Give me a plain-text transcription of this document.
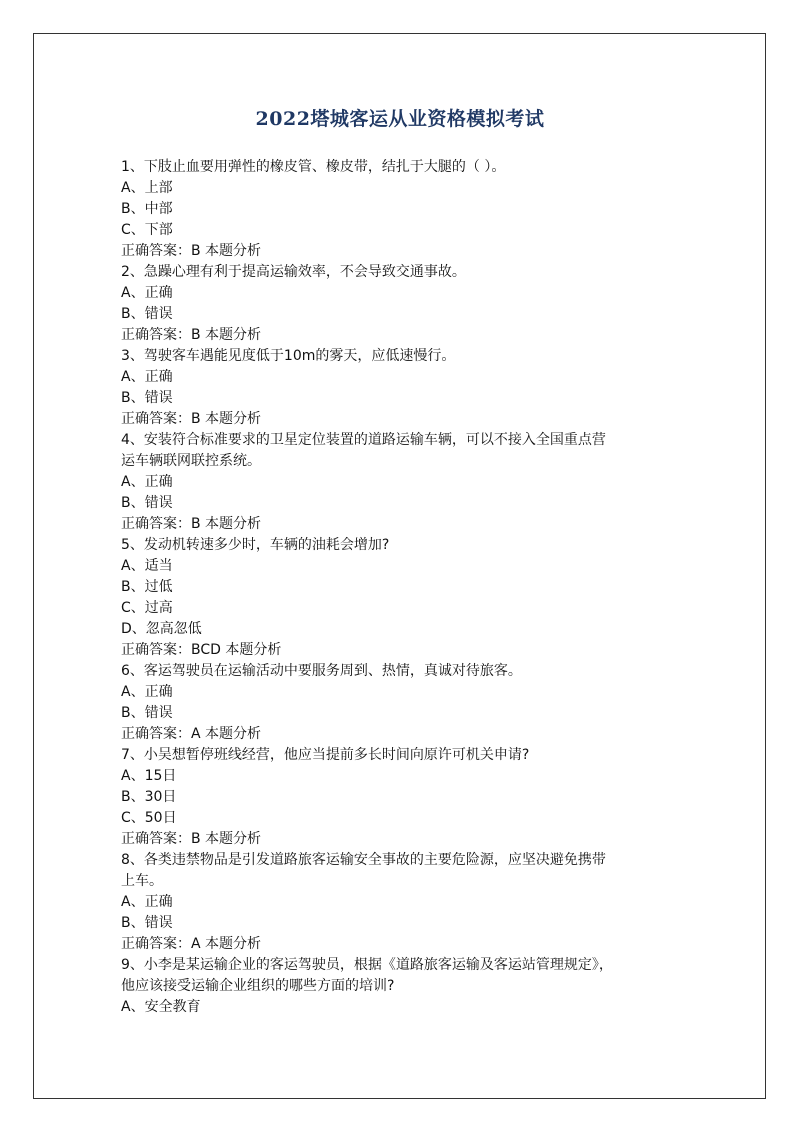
2022塔城客运从业资格模拟考试
1、下肢止血要用弹性的橡皮管、橡皮带，结扎于大腿的（ ）。
A、上部
B、中部
C、下部
正确答案：B 本题分析
2、急躁心理有利于提高运输效率，不会导致交通事故。
A、正确
B、错误
正确答案：B 本题分析
3、驾驶客车遇能见度低于10m的雾天，应低速慢行。
A、正确
B、错误
正确答案：B 本题分析
4、安装符合标准要求的卫星定位装置的道路运输车辆，可以不接入全国重点营
运车辆联网联控系统。
A、正确
B、错误
正确答案：B 本题分析
5、发动机转速多少时，车辆的油耗会增加?
A、适当
B、过低
C、过高
D、忽高忽低
正确答案：BCD 本题分析
6、客运驾驶员在运输活动中要服务周到、热情，真诚对待旅客。
A、正确
B、错误
正确答案：A 本题分析
7、小吴想暂停班线经营，他应当提前多长时间向原许可机关申请?
A、15日
B、30日
C、50日
正确答案：B 本题分析
8、各类违禁物品是引发道路旅客运输安全事故的主要危险源，应坚决避免携带
上车。
A、正确
B、错误
正确答案：A 本题分析
9、小李是某运输企业的客运驾驶员，根据《道路旅客运输及客运站管理规定》，
他应该接受运输企业组织的哪些方面的培训?
A、安全教育
